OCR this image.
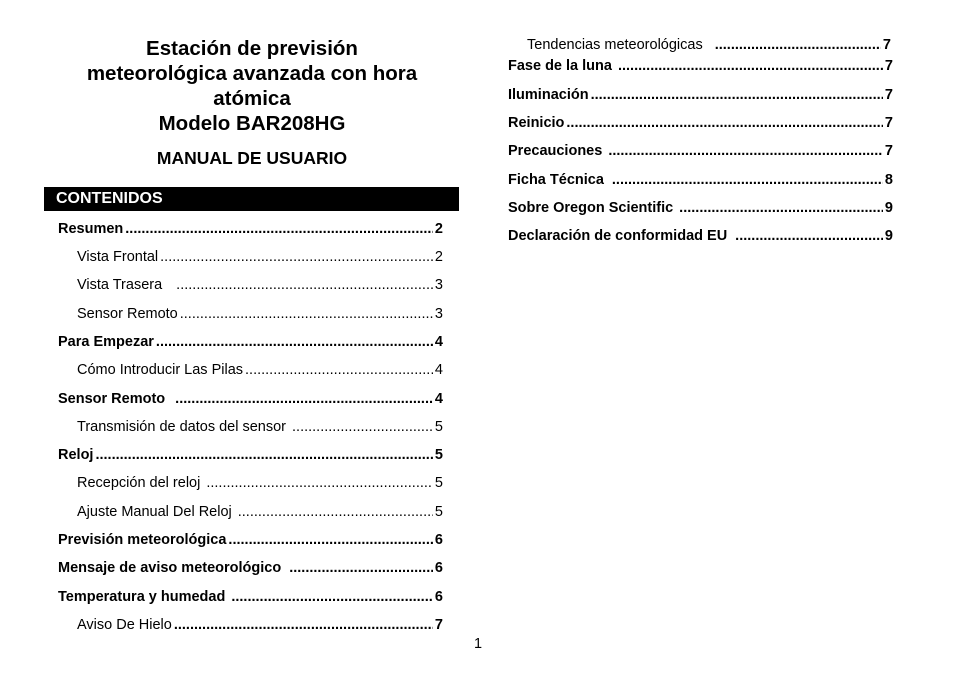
Estación de previsión
meteorológica avanzada con hora
atómica
Modelo BAR208HG
MANUAL DE USUARIO
CONTENIDOS
Resumen .....	2
Vista Frontal .....	2
Vista Trasera .....	3
Sensor Remoto .....	3
Para Empezar .....	4
Cómo Introducir Las Pilas .....	4
Sensor Remoto .....	4
Transmisión de datos del sensor .....	5
Reloj .....	5
Recepción del reloj .....	5
Ajuste Manual Del Reloj .....	5
Previsión meteorológica .....	6
Mensaje de aviso meteorológico .....	6
Temperatura y humedad .....	6
Aviso De Hielo .....	7
Tendencias meteorológicas .....	7
Fase de la luna .....	7
Iluminación .....	7
Reinicio .....	7
Precauciones .....	7
Ficha Técnica .....	8
Sobre Oregon Scientific .....	9
Declaración de conformidad EU .....	9
1
